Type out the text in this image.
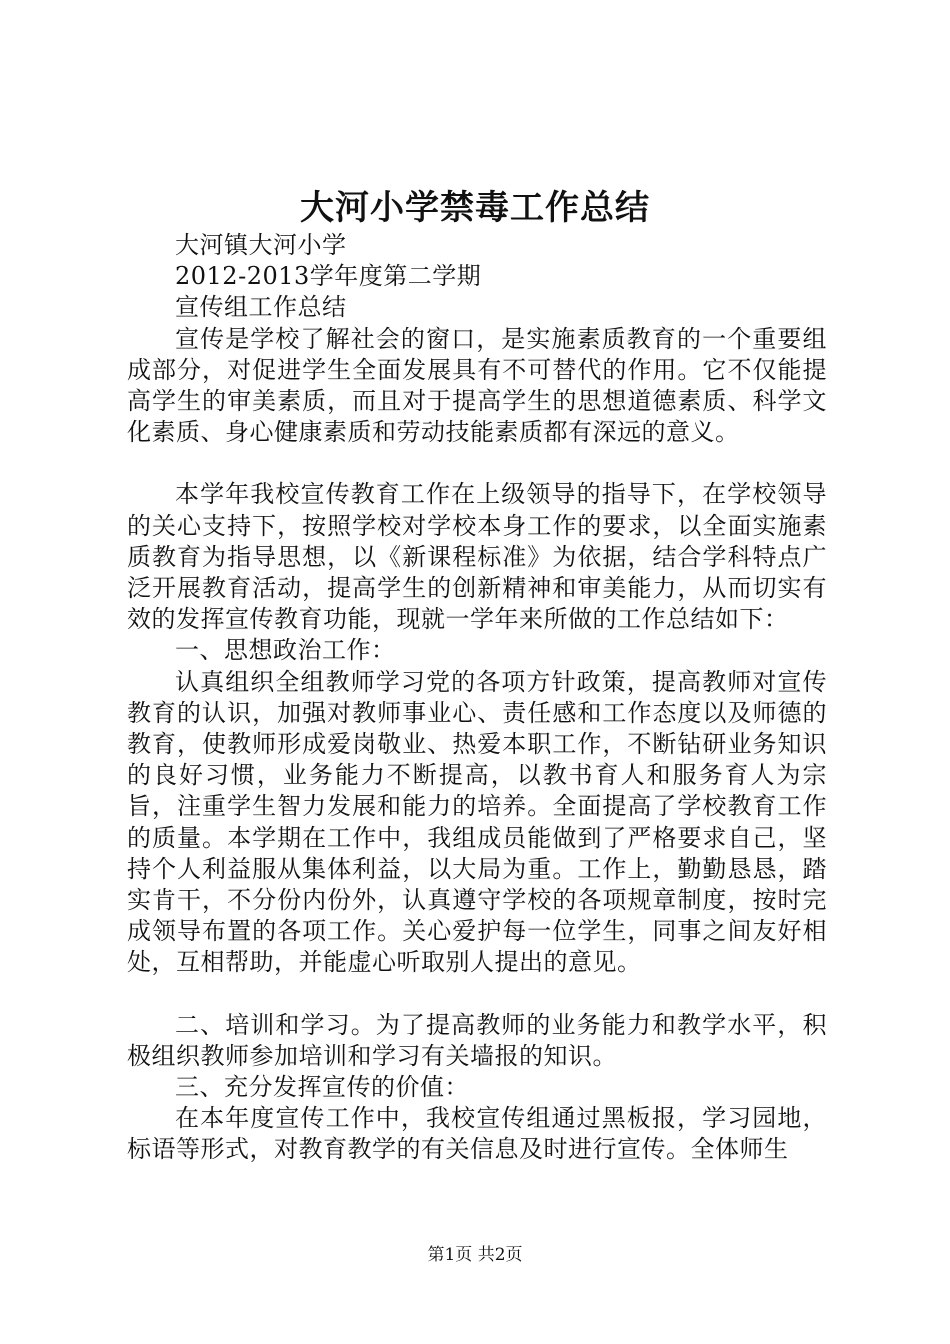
大河小学禁毒工作总结

大河镇大河小学

2012-2013学年度第二学期

宣传组工作总结

宣传是学校了解社会的窗口，是实施素质教育的一个重要组成部分，对促进学生全面发展具有不可替代的作用。它不仅能提高学生的审美素质，而且对于提高学生的思想道德素质、科学文化素质、身心健康素质和劳动技能素质都有深远的意义。

本学年我校宣传教育工作在上级领导的指导下，在学校领导的关心支持下，按照学校对学校本身工作的要求，以全面实施素质教育为指导思想，以《新课程标准》为依据，结合学科特点广泛开展教育活动，提高学生的创新精神和审美能力，从而切实有效的发挥宣传教育功能，现就一学年来所做的工作总结如下：

一、思想政治工作：

认真组织全组教师学习党的各项方针政策，提高教师对宣传教育的认识，加强对教师事业心、责任感和工作态度以及师德的教育，使教师形成爱岗敬业、热爱本职工作，不断钻研业务知识的良好习惯，业务能力不断提高，以教书育人和服务育人为宗旨，注重学生智力发展和能力的培养。全面提高了学校教育工作的质量。本学期在工作中，我组成员能做到了严格要求自己，坚持个人利益服从集体利益，以大局为重。工作上，勤勤恳恳，踏实肯干，不分份内份外，认真遵守学校的各项规章制度，按时完成领导布置的各项工作。关心爱护每一位学生，同事之间友好相处，互相帮助，并能虚心听取别人提出的意见。

二、培训和学习。为了提高教师的业务能力和教学水平，积极组织教师参加培训和学习有关墙报的知识。

三、充分发挥宣传的价值：

在本年度宣传工作中，我校宣传组通过黑板报，学习园地，标语等形式，对教育教学的有关信息及时进行宣传。全体师生

第1页 共2页
